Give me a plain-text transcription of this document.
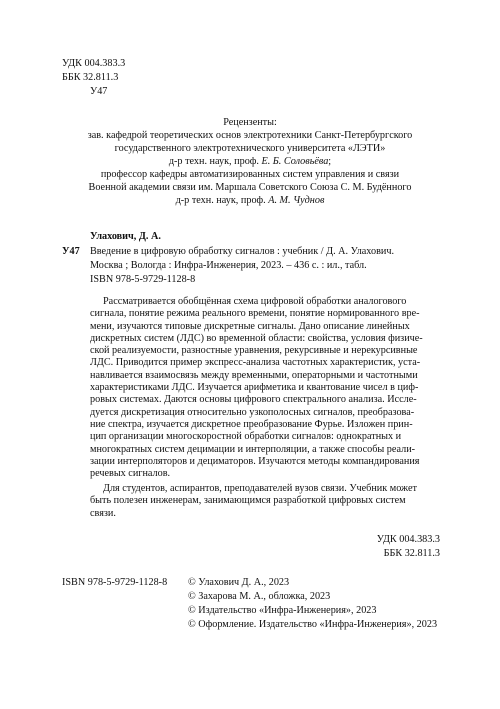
УДК 004.383.3
ББК 32.811.3
У47
Рецензенты:
зав. кафедрой теоретических основ электротехники Санкт-Петербургского
государственного электротехнического университета «ЛЭТИ»
д-р техн. наук, проф. Е. Б. Соловьёва;
профессор кафедры автоматизированных систем управления и связи
Военной академии связи им. Маршала Советского Союза С. М. Будённого
д-р техн. наук, проф. А. М. Чуднов
Улахович, Д. А.
У47 Введение в цифровую обработку сигналов : учебник / Д. А. Улахович.
Москва ; Вологда : Инфра-Инженерия, 2023. – 436 с. : ил., табл.
ISBN 978-5-9729-1128-8
Рассматривается обобщённая схема цифровой обработки аналогового
сигнала, понятие режима реального времени, понятие нормированного вре-
мени, изучаются типовые дискретные сигналы. Дано описание линейных
дискретных систем (ЛДС) во временной области: свойства, условия физиче-
ской реализуемости, разностные уравнения, рекурсивные и нерекурсивные
ЛДС. Приводится пример экспресс-анализа частотных характеристик, уста-
навливается взаимосвязь между временными, операторными и частотными
характеристиками ЛДС. Изучается арифметика и квантование чисел в циф-
ровых системах. Даются основы цифрового спектрального анализа. Иссле-
дуется дискретизация относительно узкополосных сигналов, преобразова-
ние спектра, изучается дискретное преобразование Фурье. Изложен прин-
цип организации многоскоростной обработки сигналов: однократных и
многократных систем децимации и интерполяции, а также способы реали-
зации интерполяторов и дециматоров. Изучаются методы компандирования
речевых сигналов.
Для студентов, аспирантов, преподавателей вузов связи. Учебник может
быть полезен инженерам, занимающимся разработкой цифровых систем
связи.
УДК 004.383.3
ББК 32.811.3
ISBN 978-5-9729-1128-8 © Улахович Д. А., 2023
© Захарова М. А., обложка, 2023
© Издательство «Инфра-Инженерия», 2023
© Оформление. Издательство «Инфра-Инженерия», 2023
